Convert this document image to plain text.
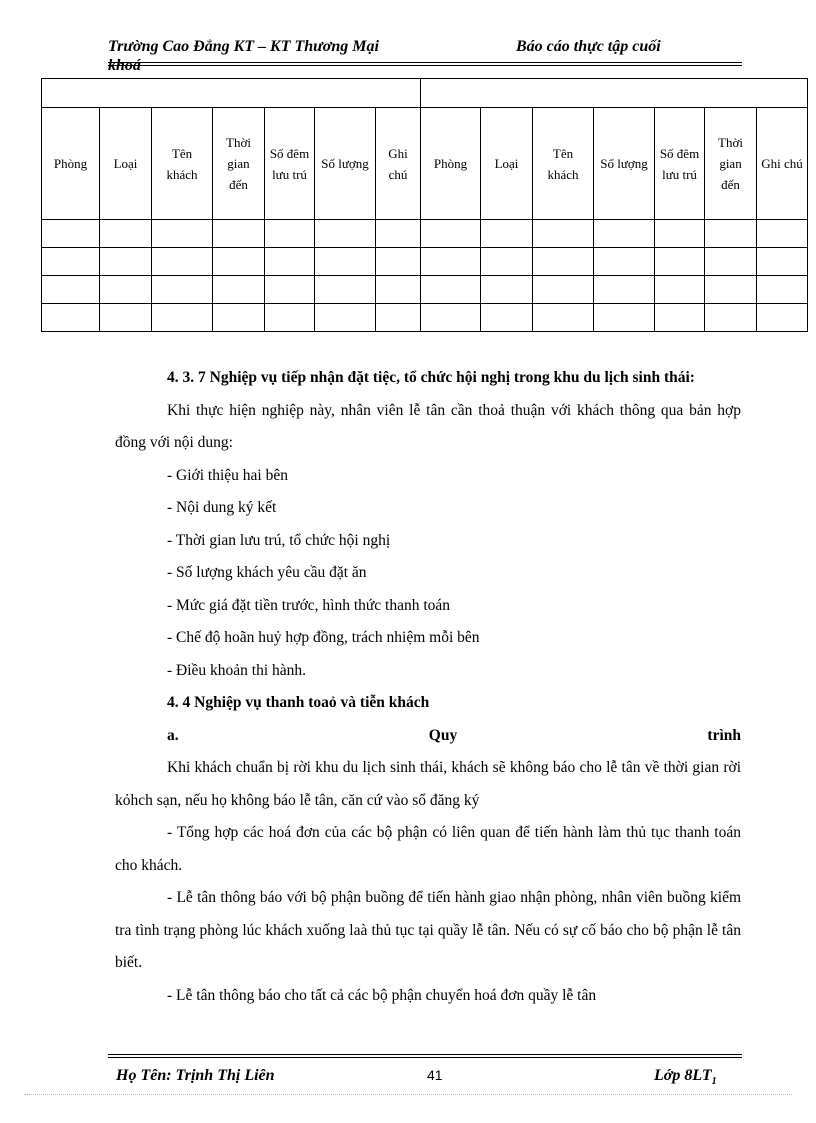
Trường Cao Đẳng KT – KT Thương Mại	Báo cáo thực tập cuối
khoá

Phòng	Loại	Tên khách	Thời gian đến	Số đêm lưu trú	Số lượng	Ghi chú	Phòng	Loại	Tên khách	Số lượng	Số đêm lưu trú	Thời gian đến	Ghi chú

4. 3. 7 Nghiệp vụ tiếp nhận đặt tiệc, tổ chức hội nghị trong khu du lịch sinh thái:

Khi thực hiện nghiệp này, nhân viên lễ tân cần thoả thuận với khách thông qua bản hợp đồng với nội dung:

- Giới thiệu hai bên

- Nội dung ký kết

- Thời gian lưu trú, tổ chức hội nghị

- Số lượng khách yêu cầu đặt ăn

- Mức giá đặt tiền trước, hình thức thanh toán

- Chế độ hoãn huỷ hợp đồng, trách nhiệm mỗi bên

- Điều khoản thi hành.

4. 4 Nghiệp vụ thanh toaỏ và tiễn khách

a.	Quy	trình

Khi khách chuẩn bị rời khu du lịch sinh thái, khách sẽ không báo cho lễ tân về thời gian rời kỏhch sạn, nếu họ không báo lễ tân, căn cứ vào sổ đăng ký

- Tổng hợp các hoá đơn của các bộ phận có liên quan để tiến hành làm thủ tục thanh toán cho khách.

- Lễ tân thông báo với bộ phận buồng để tiến hành giao nhận phòng, nhân viên buồng kiểm tra tình trạng phòng lúc khách xuống laà thủ tục tại quầy lễ tân. Nếu có sự cố báo cho bộ phận lễ tân biết.

- Lễ tân thông báo cho tất cả các bộ phận chuyển hoá đơn quầy lễ tân

Họ Tên: Trịnh Thị Liên	41	Lớp $8LT_1$
